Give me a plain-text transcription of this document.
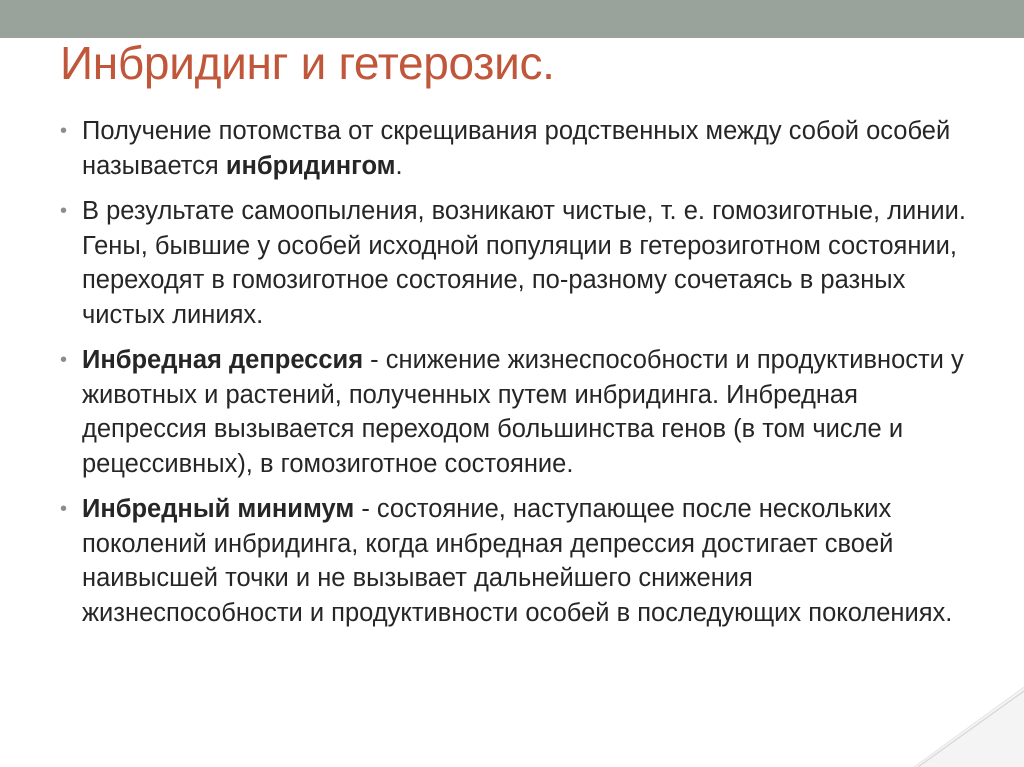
Инбридинг и гетерозис.
• Получение потомства от скрещивания родственных между собой особей называется инбридингом.
• В результате самоопыления, возникают чистые, т. е. гомозиготные, линии. Гены, бывшие у особей исходной популяции в гетерозиготном состоянии, переходят в гомозиготное состояние, по-разному сочетаясь в разных чистых линиях.
• Инбредная депрессия - снижение жизнеспособности и продуктивности у животных и растений, полученных путем инбридинга. Инбредная депрессия вызывается переходом большинства генов (в том числе и рецессивных), в гомозиготное состояние.
• Инбредный минимум - состояние, наступающее после нескольких поколений инбридинга, когда инбредная депрессия достигает своей наивысшей точки и не вызывает дальнейшего снижения жизнеспособности и продуктивности особей в последующих поколениях.
